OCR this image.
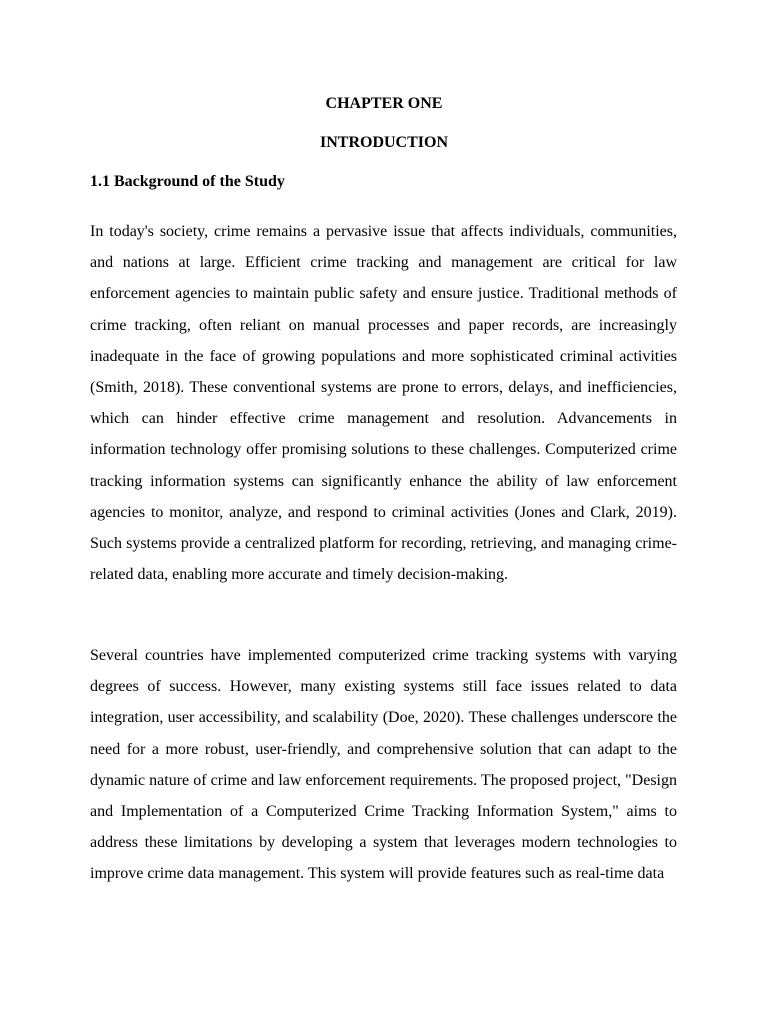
CHAPTER ONE
INTRODUCTION
1.1 Background of the Study

In today's society, crime remains a pervasive issue that affects individuals, communities, and nations at large. Efficient crime tracking and management are critical for law enforcement agencies to maintain public safety and ensure justice. Traditional methods of crime tracking, often reliant on manual processes and paper records, are increasingly inadequate in the face of growing populations and more sophisticated criminal activities (Smith, 2018). These conventional systems are prone to errors, delays, and inefficiencies, which can hinder effective crime management and resolution. Advancements in information technology offer promising solutions to these challenges. Computerized crime tracking information systems can significantly enhance the ability of law enforcement agencies to monitor, analyze, and respond to criminal activities (Jones and Clark, 2019). Such systems provide a centralized platform for recording, retrieving, and managing crime-related data, enabling more accurate and timely decision-making.

Several countries have implemented computerized crime tracking systems with varying degrees of success. However, many existing systems still face issues related to data integration, user accessibility, and scalability (Doe, 2020). These challenges underscore the need for a more robust, user-friendly, and comprehensive solution that can adapt to the dynamic nature of crime and law enforcement requirements. The proposed project, "Design and Implementation of a Computerized Crime Tracking Information System," aims to address these limitations by developing a system that leverages modern technologies to improve crime data management. This system will provide features such as real-time data
